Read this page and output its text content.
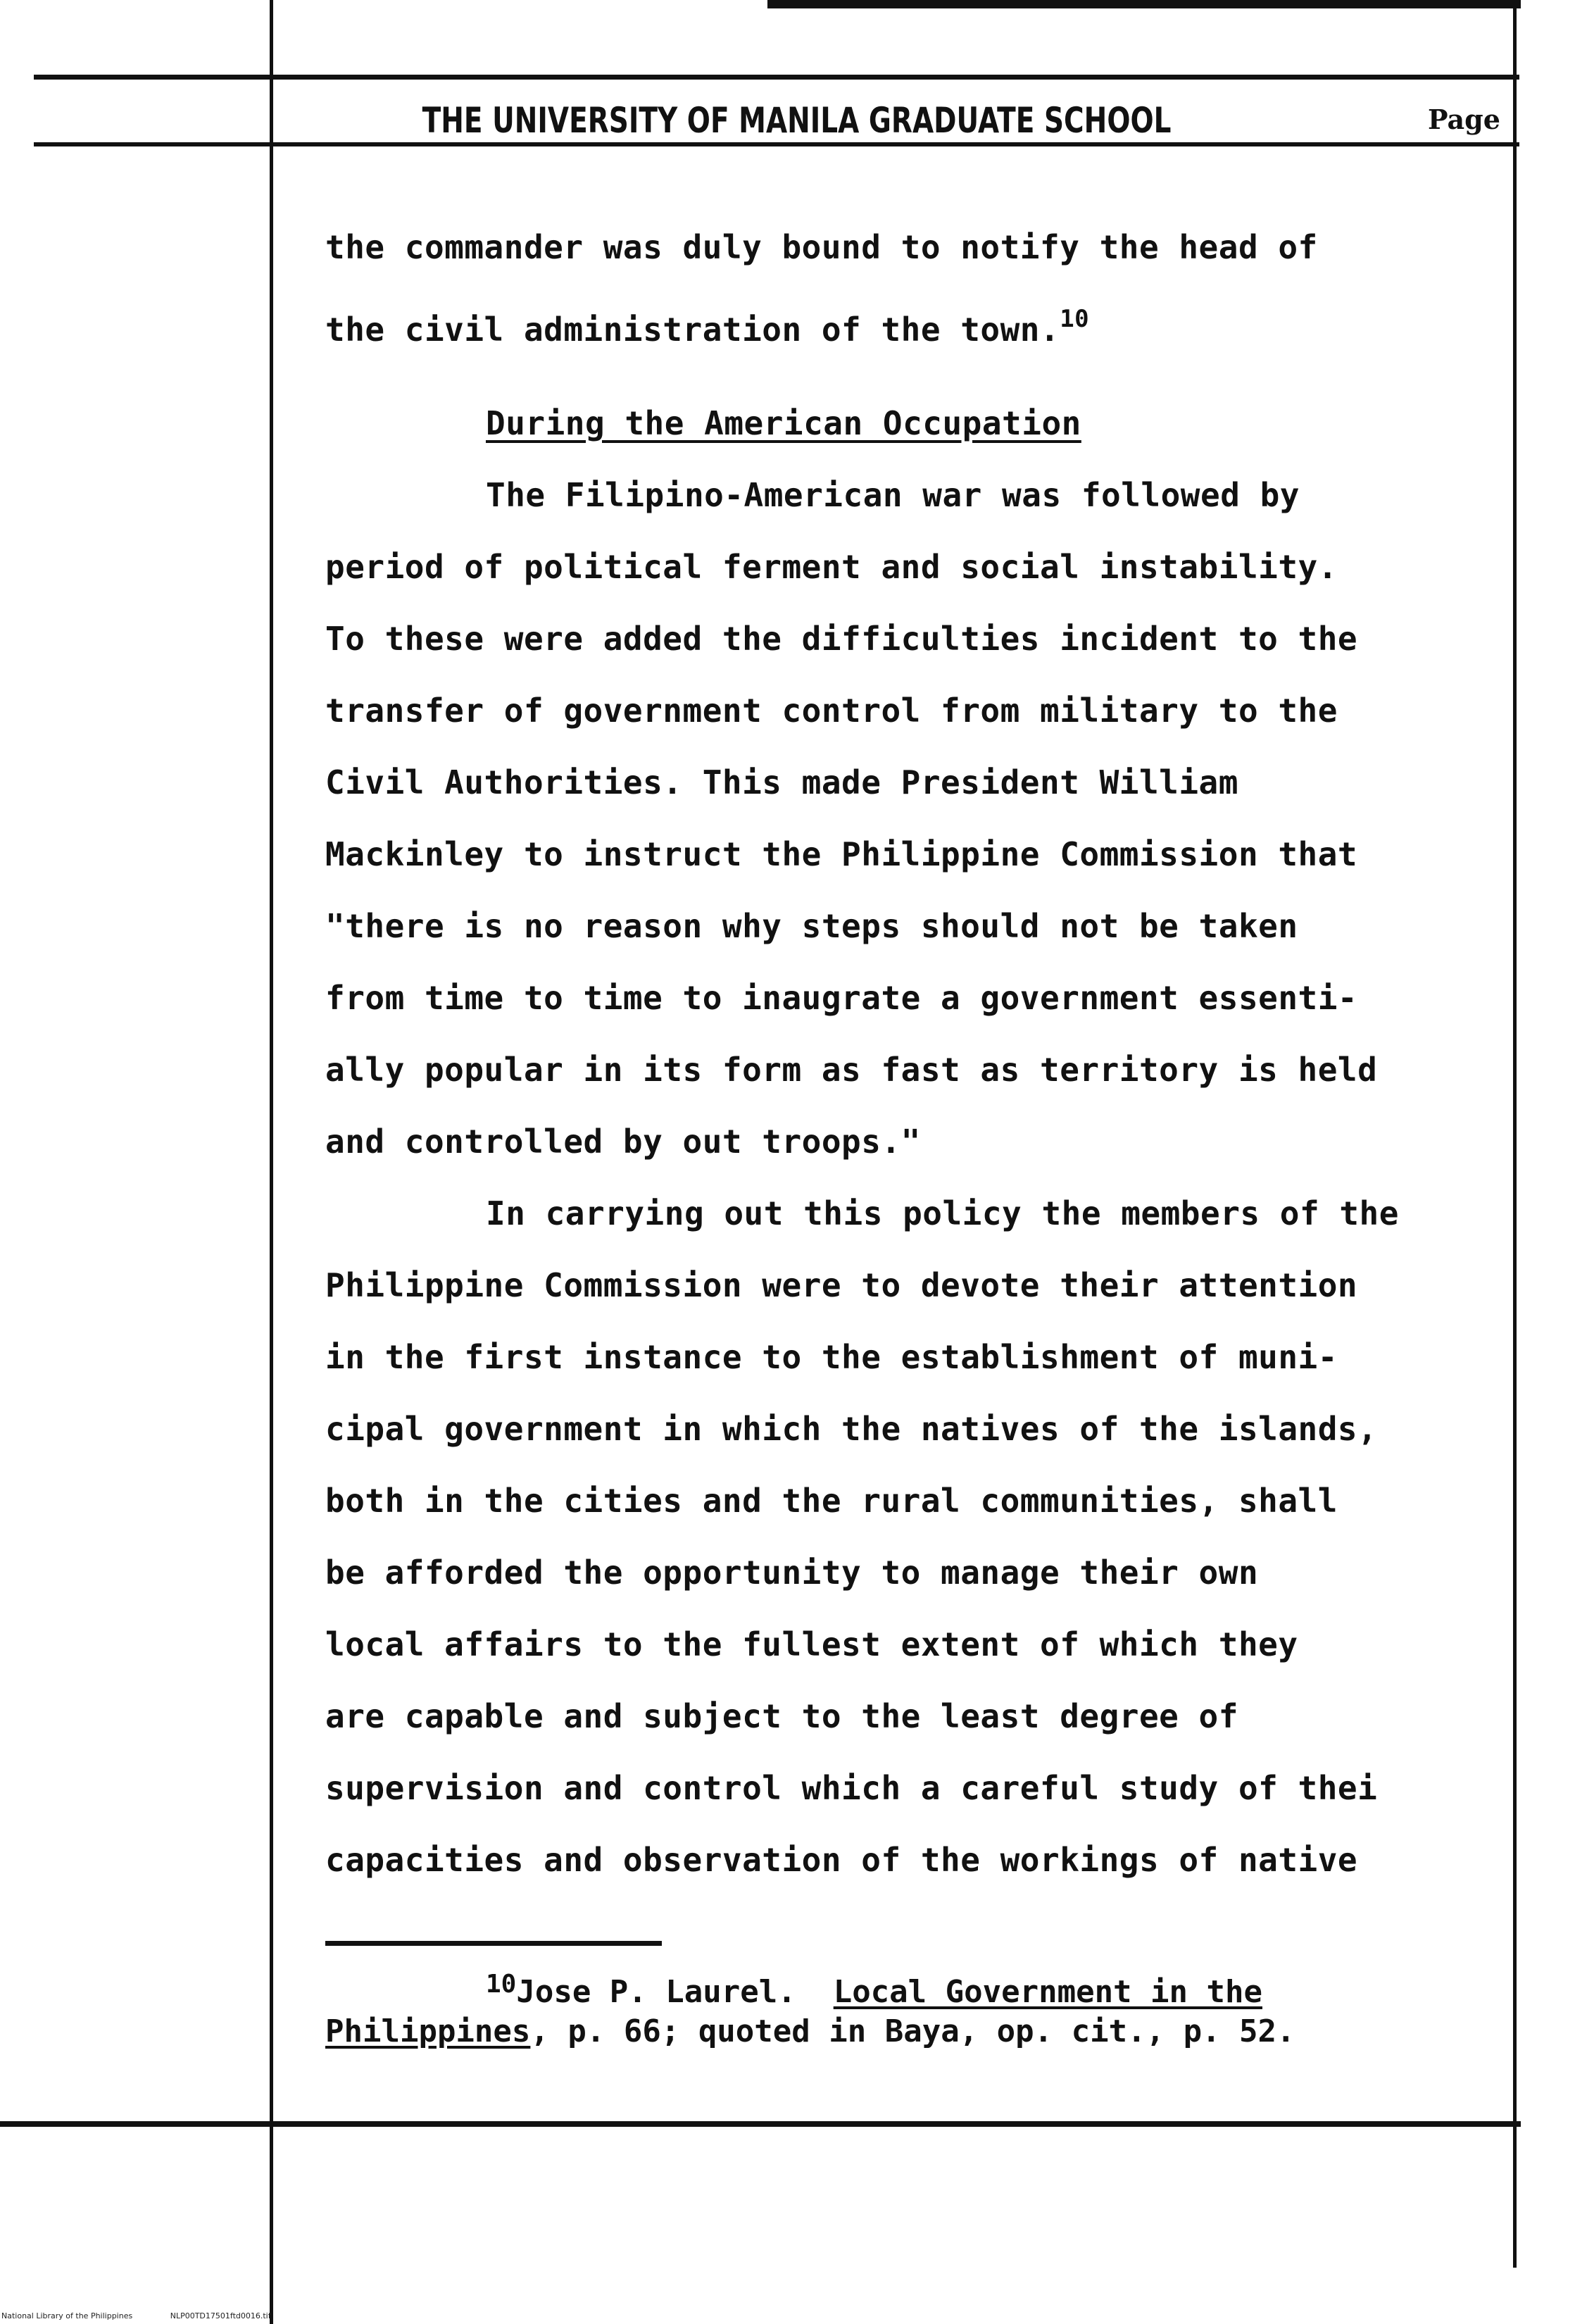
THE UNIVERSITY OF MANILA GRADUATE SCHOOL	Page
the commander was duly bound to notify the head of
the civil administration of the town.$^{10}$
During the American Occupation
The Filipino-American war was followed by
period of political ferment and social instability.
To these were added the difficulties incident to the
transfer of government control from military to the
Civil Authorities. This made President William
Mackinley to instruct the Philippine Commission that
"there is no reason why steps should not be taken
from time to time to inaugrate a government essenti-
ally popular in its form as fast as territory is held
and controlled by out troops."
In carrying out this policy the members of the
Philippine Commission were to devote their attention
in the first instance to the establishment of muni-
cipal government in which the natives of the islands,
both in the cities and the rural communities, shall
be afforded the opportunity to manage their own
local affairs to the fullest extent of which they
are capable and subject to the least degree of
supervision and control which a careful study of thei
capacities and observation of the workings of native
$^{10}$Jose P. Laurel. Local Government in the
Philippines, p. 66; quoted in Baya, op. cit., p. 52.
National Library of the Philippines	NLP00TD17501ftd0016.tif
